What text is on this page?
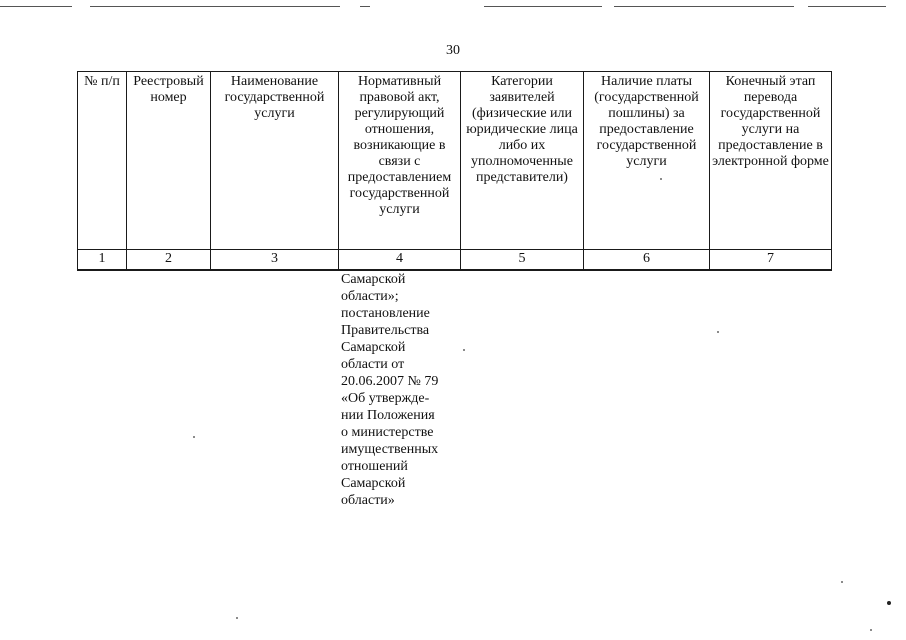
30
№ п/п	Реестровый номер	Наименование государственной услуги	Нормативный правовой акт, регулирующий отношения, возникающие в связи с предоставлением государственной услуги	Категории заявителей (физические или юридические лица либо их уполномоченные представители)	Наличие платы (государственной пошлины) за предоставление государственной услуги	Конечный этап перевода государственной услуги на предоставление в электронной форме
1	2	3	4	5	6	7
Самарской
области»;
постановление
Правительства
Самарской
области от
20.06.2007 № 79
«Об утвержде-
нии Положения
о министерстве
имущественных
отношений
Самарской
области»
